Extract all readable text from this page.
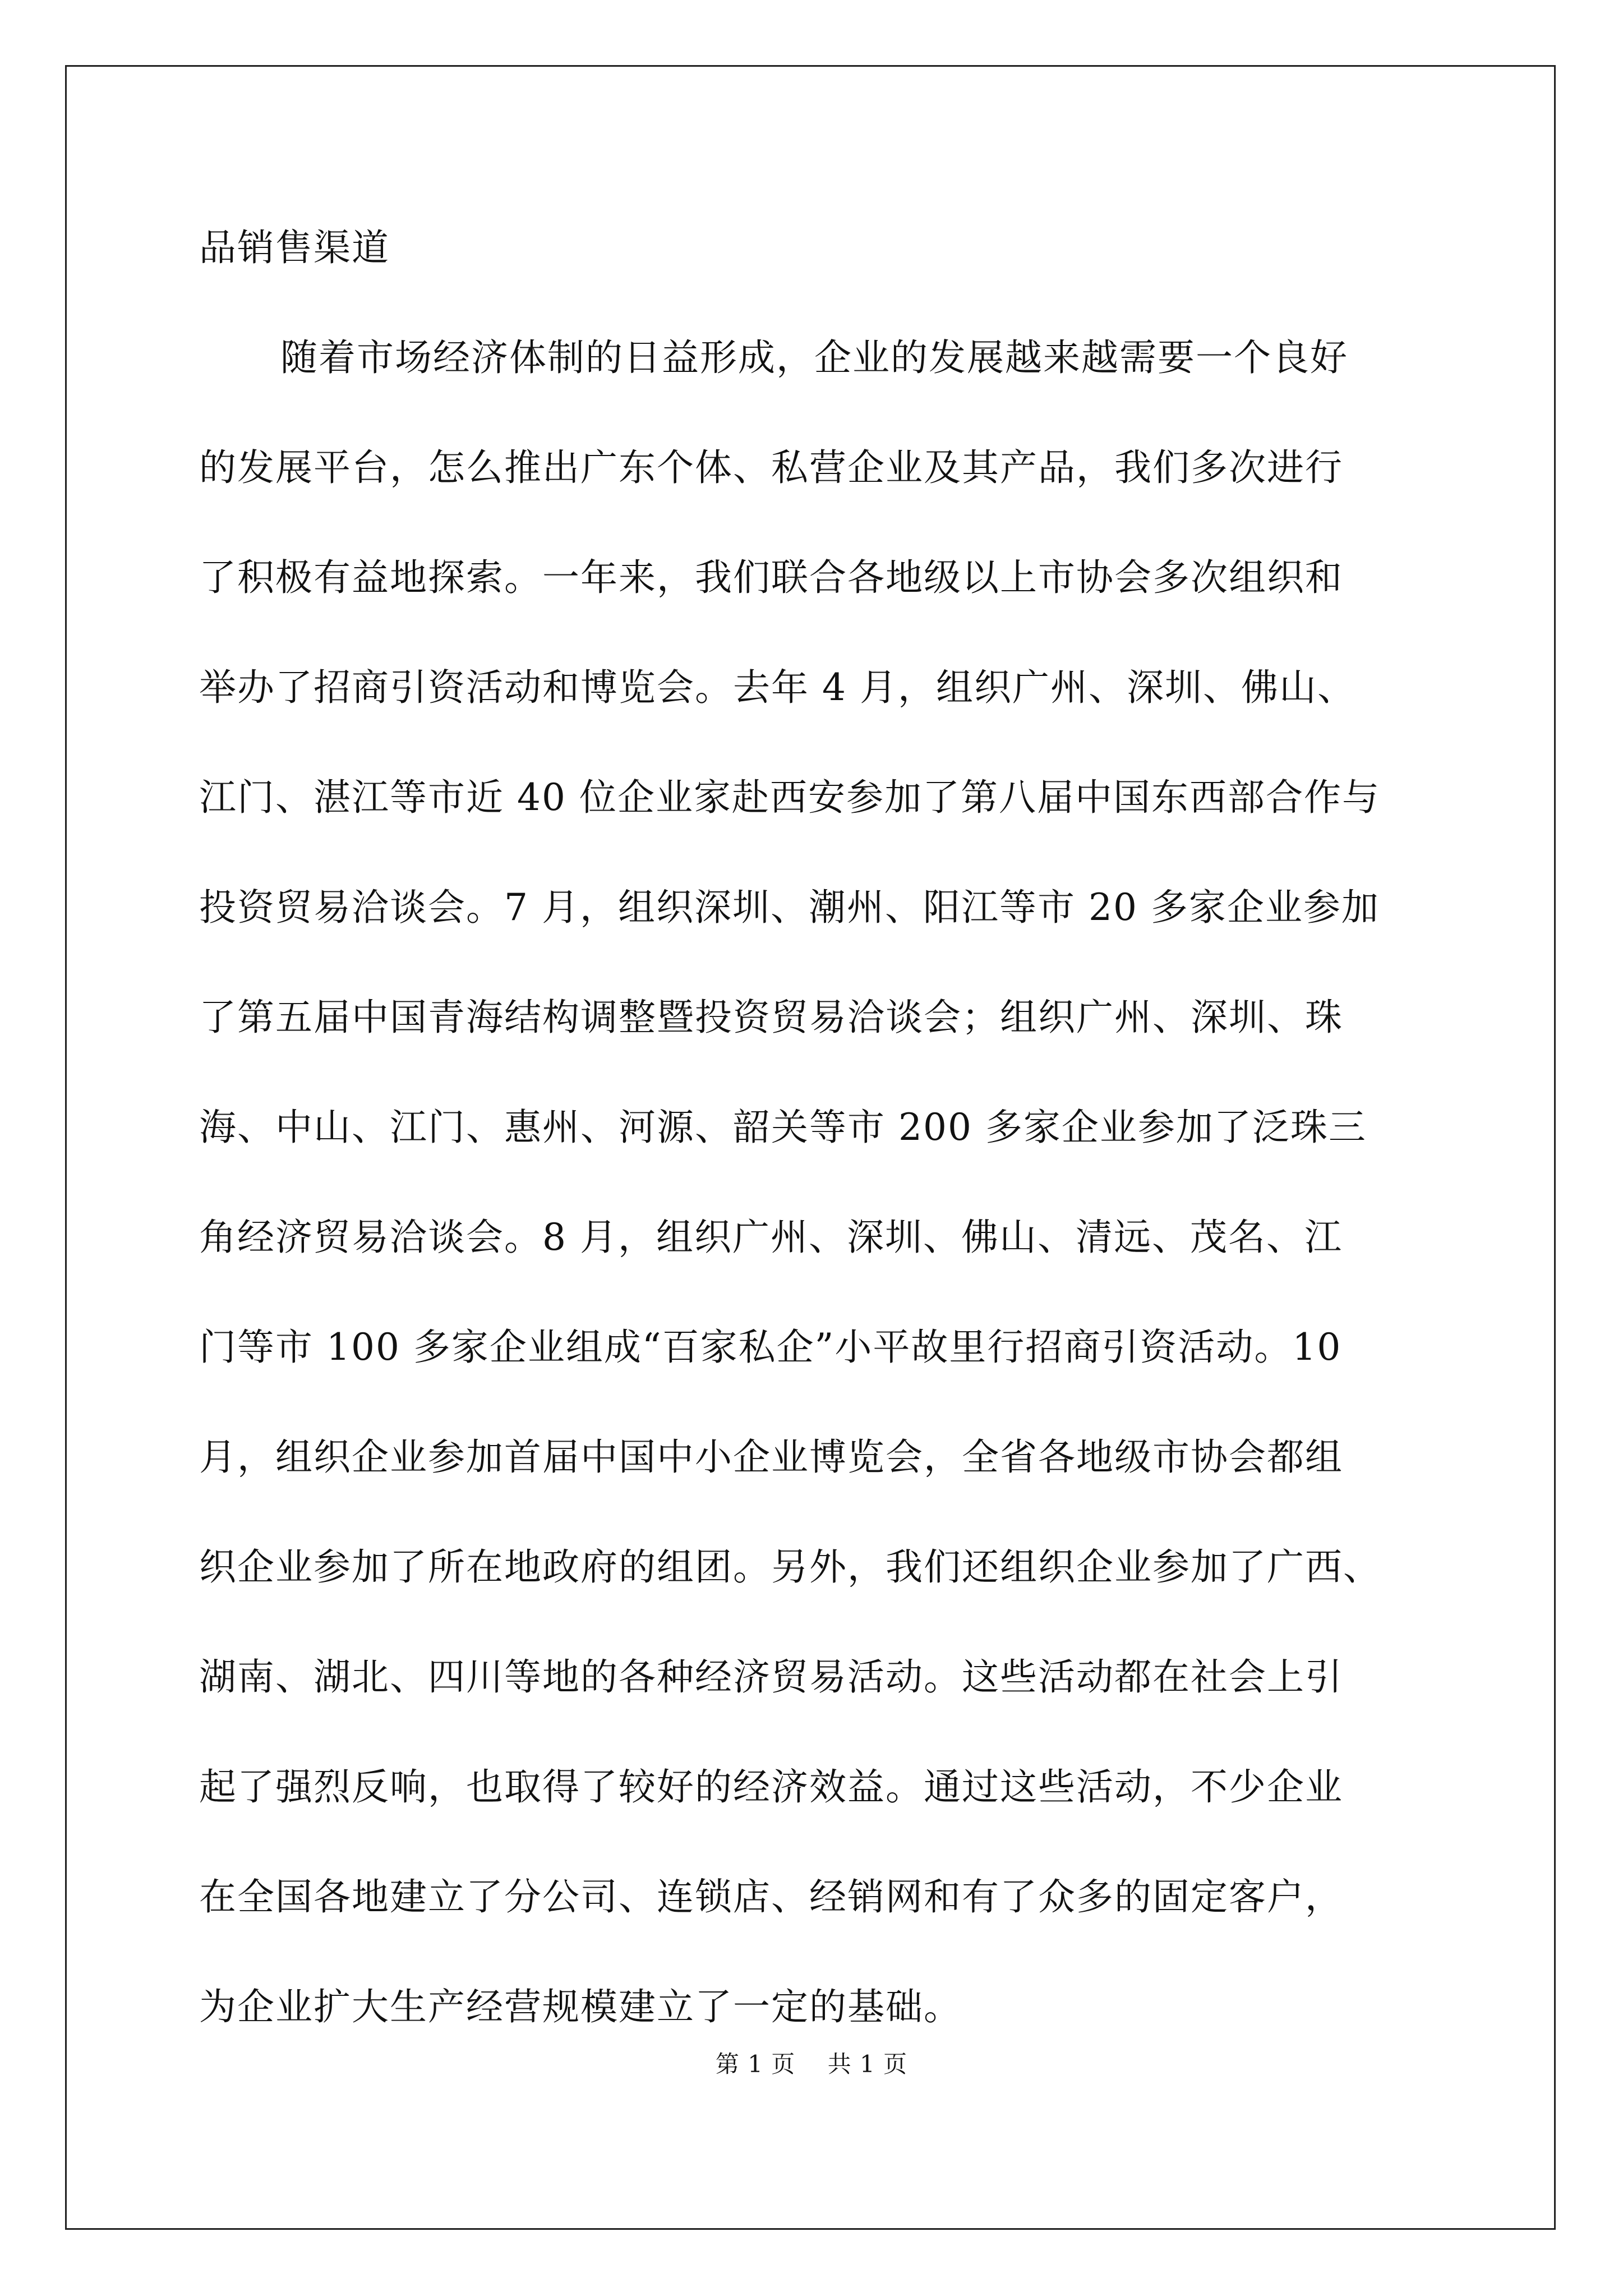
品销售渠道

随着市场经济体制的日益形成，企业的发展越来越需要一个良好

的发展平台，怎么推出广东个体、私营企业及其产品，我们多次进行

了积极有益地探索。一年来，我们联合各地级以上市协会多次组织和

举办了招商引资活动和博览会。去年 4 月，组织广州、深圳、佛山、

江门、湛江等市近 40 位企业家赴西安参加了第八届中国东西部合作与

投资贸易洽谈会。7 月，组织深圳、潮州、阳江等市 20 多家企业参加

了第五届中国青海结构调整暨投资贸易洽谈会；组织广州、深圳、珠

海、中山、江门、惠州、河源、韶关等市 200 多家企业参加了泛珠三

角经济贸易洽谈会。8 月，组织广州、深圳、佛山、清远、茂名、江

门等市 100 多家企业组成“百家私企”小平故里行招商引资活动。10

月，组织企业参加首届中国中小企业博览会，全省各地级市协会都组

织企业参加了所在地政府的组团。另外，我们还组织企业参加了广西、

湖南、湖北、四川等地的各种经济贸易活动。这些活动都在社会上引

起了强烈反响，也取得了较好的经济效益。通过这些活动，不少企业

在全国各地建立了分公司、连锁店、经销网和有了众多的固定客户，

为企业扩大生产经营规模建立了一定的基础。

第 1 页    共 1 页
